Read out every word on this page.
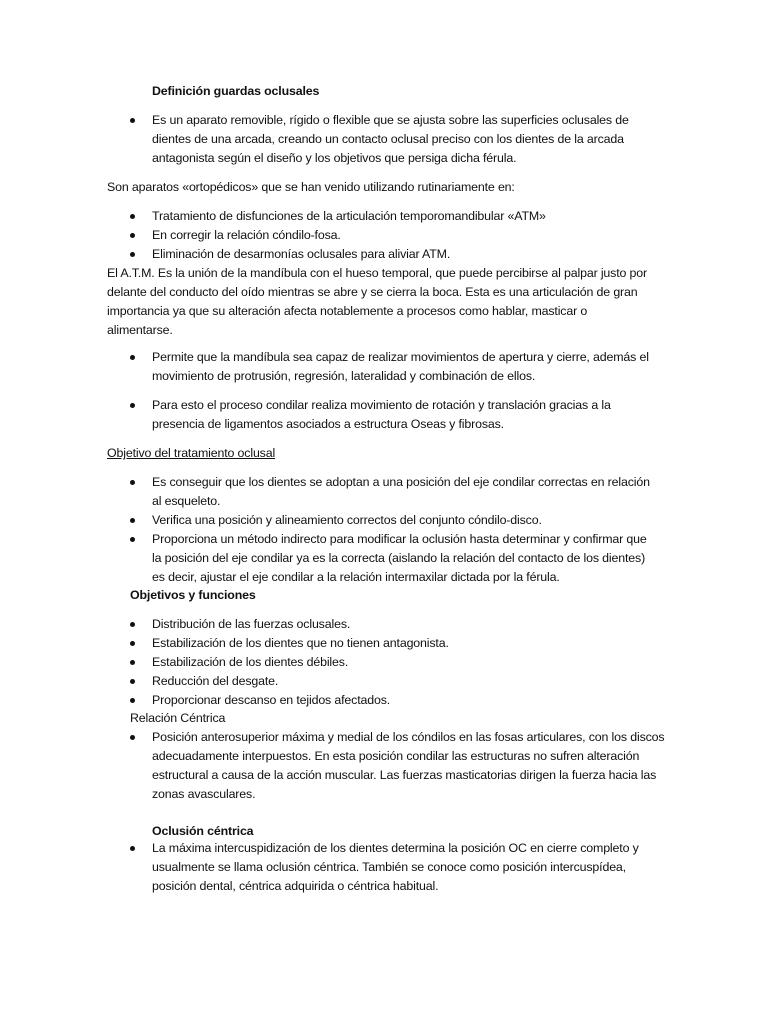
Definición guardas oclusales
Es un aparato removible, rígido o flexible que se ajusta sobre las superficies oclusales de
dientes de una arcada, creando un contacto oclusal preciso con los dientes de la arcada
antagonista según el diseño y los objetivos que persiga dicha férula.
Son aparatos «ortopédicos» que se han venido utilizando rutinariamente en:
Tratamiento de disfunciones de la articulación temporomandibular «ATM»
En corregir la relación cóndilo-fosa.
Eliminación de desarmonías oclusales para aliviar ATM.
El A.T.M. Es la unión de la mandíbula con el hueso temporal, que puede percibirse al palpar justo por
delante del conducto del oído mientras se abre y se cierra la boca. Esta es una articulación de gran
importancia ya que su alteración afecta notablemente a procesos como hablar, masticar o
alimentarse.
Permite que la mandíbula sea capaz de realizar movimientos de apertura y cierre, además el
movimiento de protrusión, regresión, lateralidad y combinación de ellos.
Para esto el proceso condilar realiza movimiento de rotación y translación gracias a la
presencia de ligamentos asociados a estructura Oseas y fibrosas.
Objetivo del tratamiento oclusal
Es conseguir que los dientes se adoptan a una posición del eje condilar correctas en relación
al esqueleto.
Verifica una posición y alineamiento correctos del conjunto cóndilo-disco.
Proporciona un método indirecto para modificar la oclusión hasta determinar y confirmar que
la posición del eje condilar ya es la correcta (aislando la relación del contacto de los dientes)
es decir, ajustar el eje condilar a la relación intermaxilar dictada por la férula.
Objetivos y funciones
Distribución de las fuerzas oclusales.
Estabilización de los dientes que no tienen antagonista.
Estabilización de los dientes débiles.
Reducción del desgate.
Proporcionar descanso en tejidos afectados.
Relación Céntrica
Posición anterosuperior máxima y medial de los cóndilos en las fosas articulares, con los discos
adecuadamente interpuestos. En esta posición condilar las estructuras no sufren alteración
estructural a causa de la acción muscular. Las fuerzas masticatorias dirigen la fuerza hacia las
zonas avasculares.
Oclusión céntrica
La máxima intercuspidización de los dientes determina la posición OC en cierre completo y
usualmente se llama oclusión céntrica. También se conoce como posición intercuspídea,
posición dental, céntrica adquirida o céntrica habitual.
